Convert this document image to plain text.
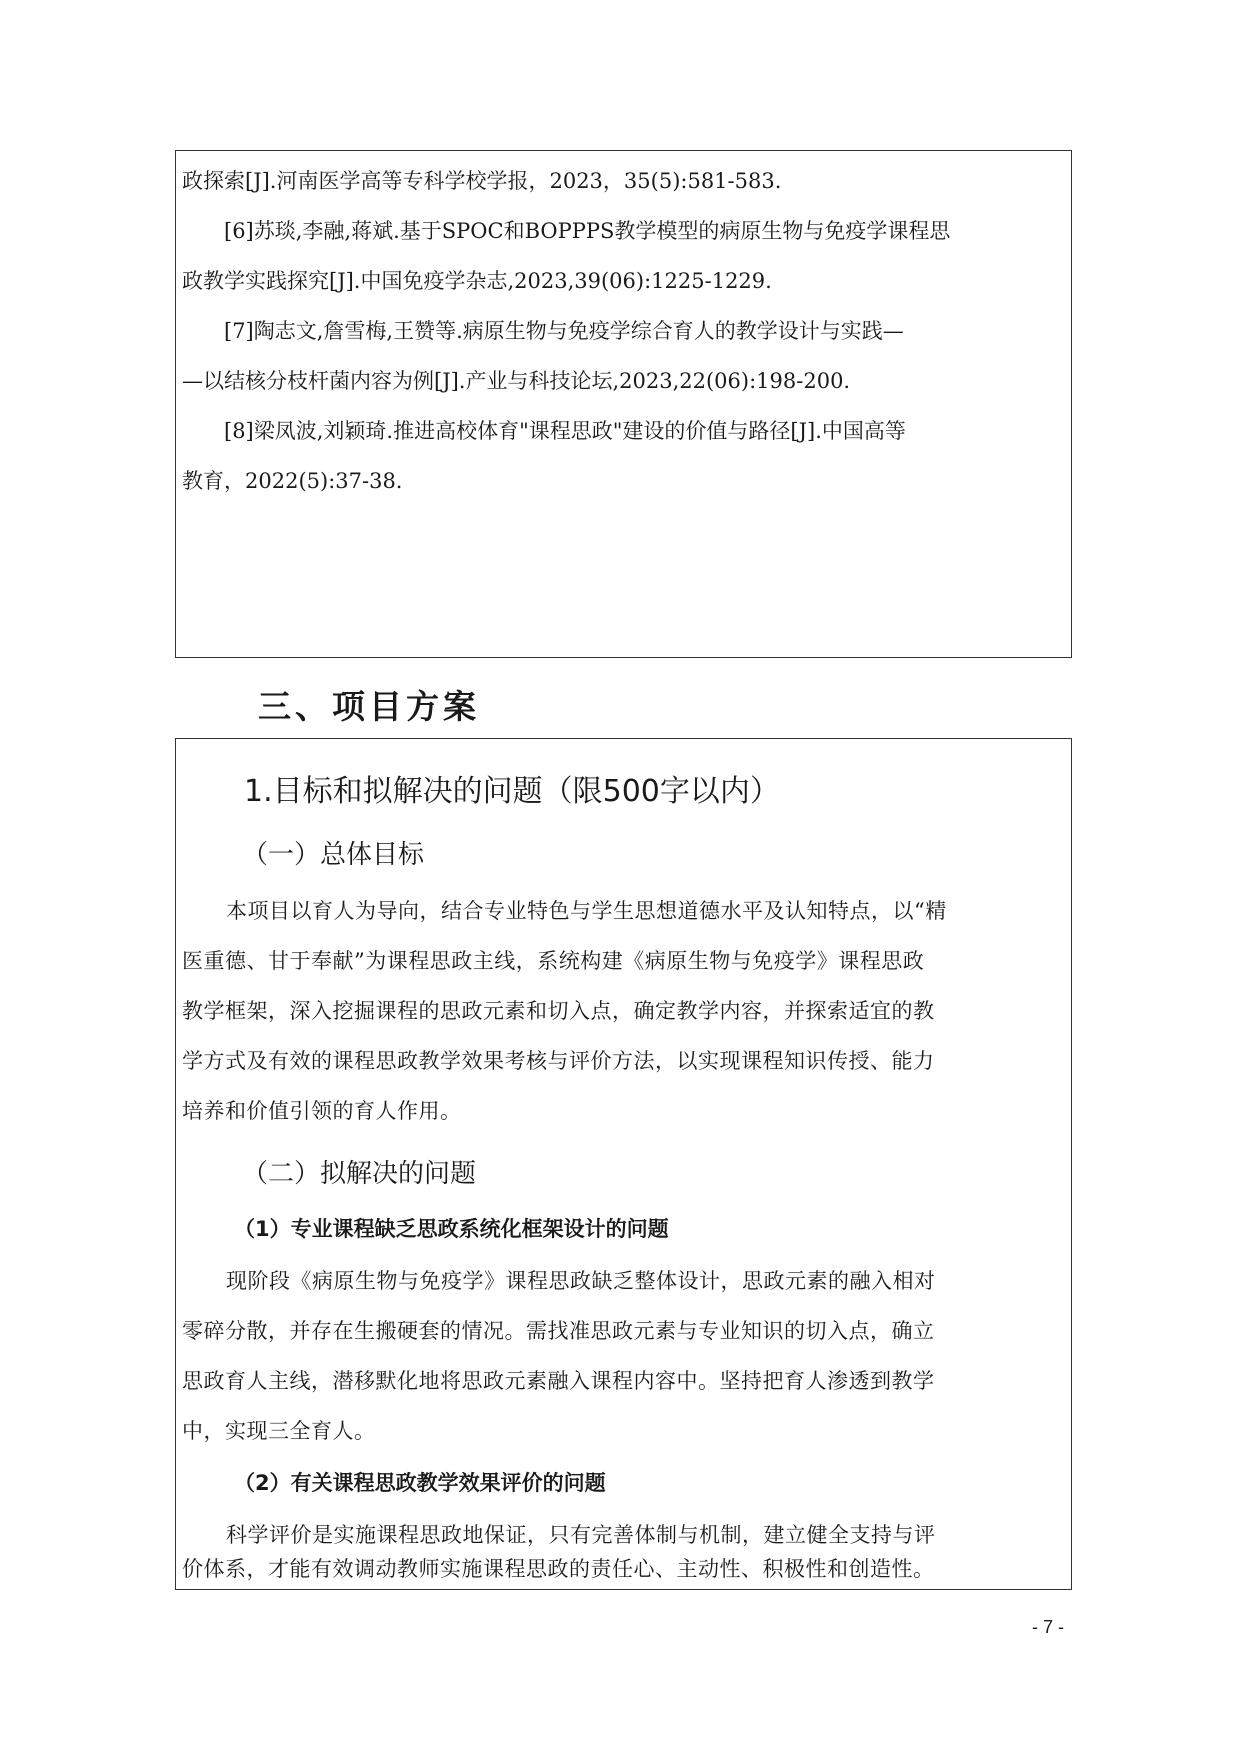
政探索[J].河南医学高等专科学校学报，2023，35(5):581-583.
[6]苏琰,李融,蒋斌.基于SPOC和BOPPPS教学模型的病原生物与免疫学课程思
政教学实践探究[J].中国免疫学杂志,2023,39(06):1225-1229.
[7]陶志文,詹雪梅,王赞等.病原生物与免疫学综合育人的教学设计与实践—
—以结核分枝杆菌内容为例[J].产业与科技论坛,2023,22(06):198-200.
[8]梁凤波,刘颖琦.推进高校体育"课程思政"建设的价值与路径[J].中国高等
教育，2022(5):37-38.
三、项目方案
1.目标和拟解决的问题（限500字以内）
（一）总体目标
本项目以育人为导向，结合专业特色与学生思想道德水平及认知特点，以“精
医重德、甘于奉献”为课程思政主线，系统构建《病原生物与免疫学》课程思政
教学框架，深入挖掘课程的思政元素和切入点，确定教学内容，并探索适宜的教
学方式及有效的课程思政教学效果考核与评价方法，以实现课程知识传授、能力
培养和价值引领的育人作用。
（二）拟解决的问题
（1）专业课程缺乏思政系统化框架设计的问题
现阶段《病原生物与免疫学》课程思政缺乏整体设计，思政元素的融入相对
零碎分散，并存在生搬硬套的情况。需找准思政元素与专业知识的切入点，确立
思政育人主线，潜移默化地将思政元素融入课程内容中。坚持把育人渗透到教学
中，实现三全育人。
（2）有关课程思政教学效果评价的问题
科学评价是实施课程思政地保证，只有完善体制与机制，建立健全支持与评
价体系，才能有效调动教师实施课程思政的责任心、主动性、积极性和创造性。
- 7 -
